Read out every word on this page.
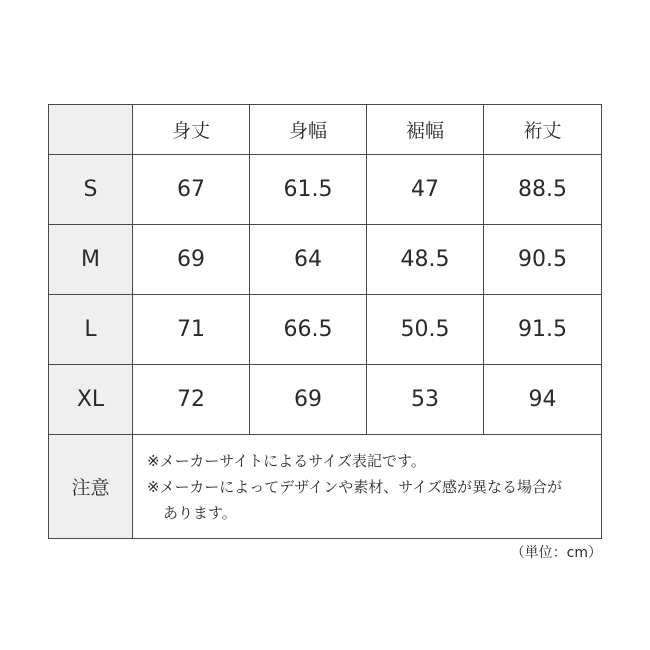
	身丈	身幅	裾幅	裄丈
S	67	61.5	47	88.5
M	69	64	48.5	90.5
L	71	66.5	50.5	91.5
XL	72	69	53	94
注意	※メーカーサイトによるサイズ表記です。
※メーカーによってデザインや素材、サイズ感が異なる場合が
あります。			
（単位：cm）
